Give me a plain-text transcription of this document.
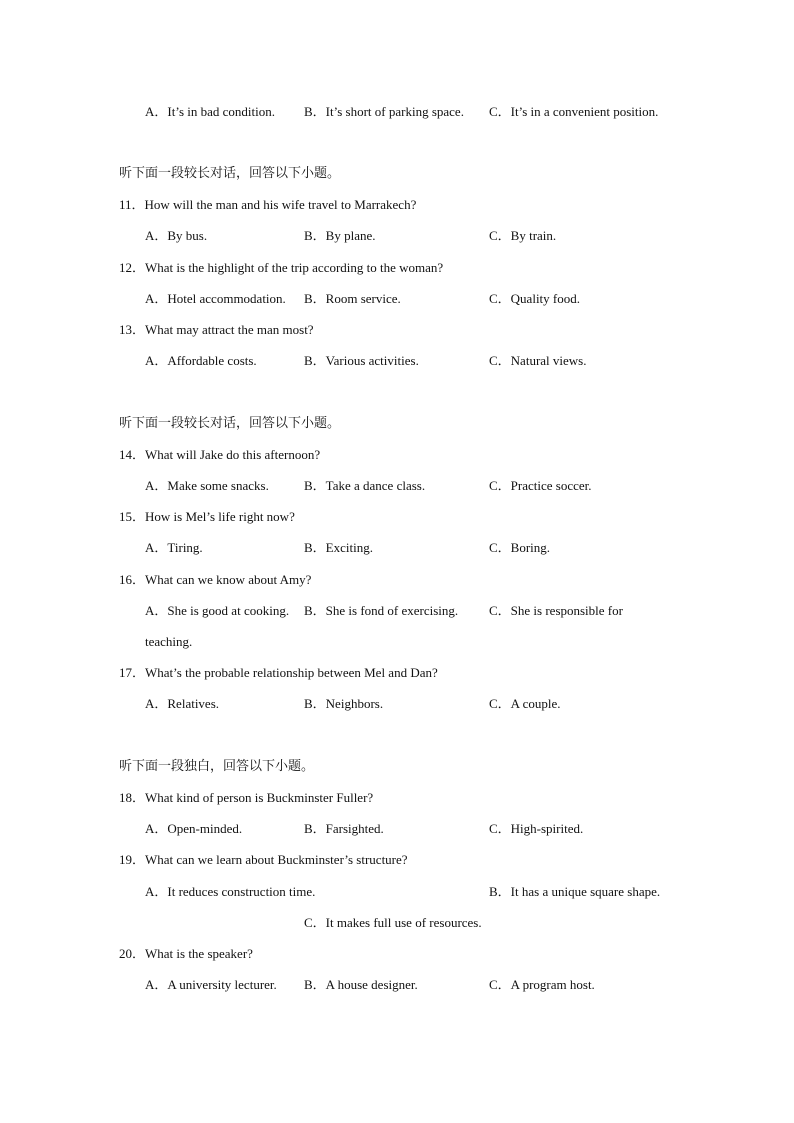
A．It’s in bad condition. B．It’s short of parking space. C．It’s in a convenient position.
听下面一段较长对话，回答以下小题。
11．How will the man and his wife travel to Marrakech?
A．By bus.	B．By plane.	C．By train.
12．What is the highlight of the trip according to the woman?
A．Hotel accommodation. B．Room service.	C．Quality food.
13．What may attract the man most?
A．Affordable costs.	B．Various activities.	C．Natural views.
听下面一段较长对话，回答以下小题。
14．What will Jake do this afternoon?
A．Make some snacks.	B．Take a dance class.	C．Practice soccer.
15．How is Mel’s life right now?
A．Tiring.	B．Exciting.	C．Boring.
16．What can we know about Amy?
A．She is good at cooking. B．She is fond of exercising. C．She is responsible for
teaching.
17．What’s the probable relationship between Mel and Dan?
A．Relatives.	B．Neighbors.	C．A couple.
听下面一段独白，回答以下小题。
18．What kind of person is Buckminster Fuller?
A．Open-minded.	B．Farsighted.	C．High-spirited.
19．What can we learn about Buckminster’s structure?
A．It reduces construction time.	B．It has a unique square shape.
C．It makes full use of resources.
20．What is the speaker?
A．A university lecturer. B．A house designer.	C．A program host.
